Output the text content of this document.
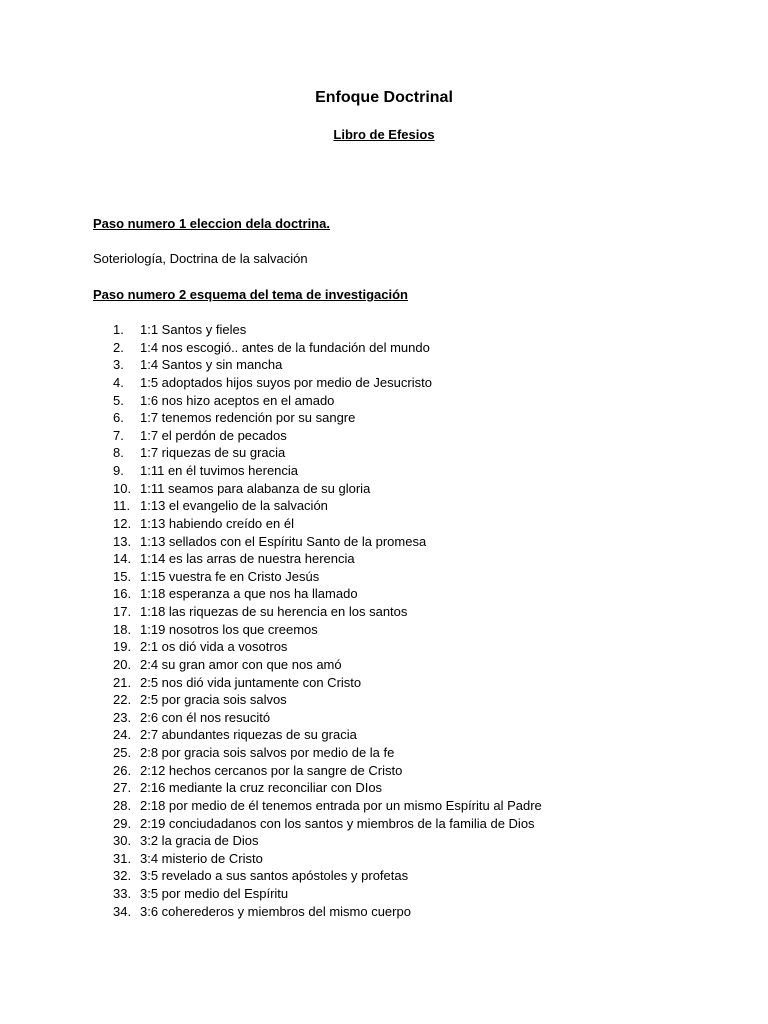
Enfoque Doctrinal
Libro de Efesios

Paso numero 1 eleccion dela doctrina.

Soteriología, Doctrina de la salvación

Paso numero 2 esquema del tema de investigación

1.	1:1 Santos y fieles
2.	1:4 nos escogió.. antes de la fundación del mundo
3.	1:4 Santos y sin mancha
4.	1:5 adoptados hijos suyos por medio de Jesucristo
5.	1:6 nos hizo aceptos en el amado
6.	1:7 tenemos redención por su sangre
7.	1:7 el perdón de pecados
8.	1:7 riquezas de su gracia
9.	1:11 en él tuvimos herencia
10. 1:11 seamos para alabanza de su gloria
11. 1:13 el evangelio de la salvación
12. 1:13 habiendo creído en él
13. 1:13 sellados con el Espíritu Santo de la promesa
14. 1:14 es las arras de nuestra herencia
15. 1:15 vuestra fe en Cristo Jesús
16. 1:18 esperanza a que nos ha llamado
17. 1:18 las riquezas de su herencia en los santos
18. 1:19 nosotros los que creemos
19. 2:1 os dió vida a vosotros
20. 2:4 su gran amor con que nos amó
21. 2:5 nos dió vida juntamente con Cristo
22. 2:5 por gracia sois salvos
23. 2:6 con él nos resucitó
24. 2:7 abundantes riquezas de su gracia
25. 2:8 por gracia sois salvos por medio de la fe
26. 2:12 hechos cercanos por la sangre de Cristo
27. 2:16 mediante la cruz reconciliar con DIos
28. 2:18 por medio de él tenemos entrada por un mismo Espíritu al Padre
29. 2:19 conciudadanos con los santos y miembros de la familia de Dios
30. 3:2 la gracia de Dios
31. 3:4 misterio de Cristo
32. 3:5 revelado a sus santos apóstoles y profetas
33. 3:5 por medio del Espíritu
34. 3:6 coherederos y miembros del mismo cuerpo
